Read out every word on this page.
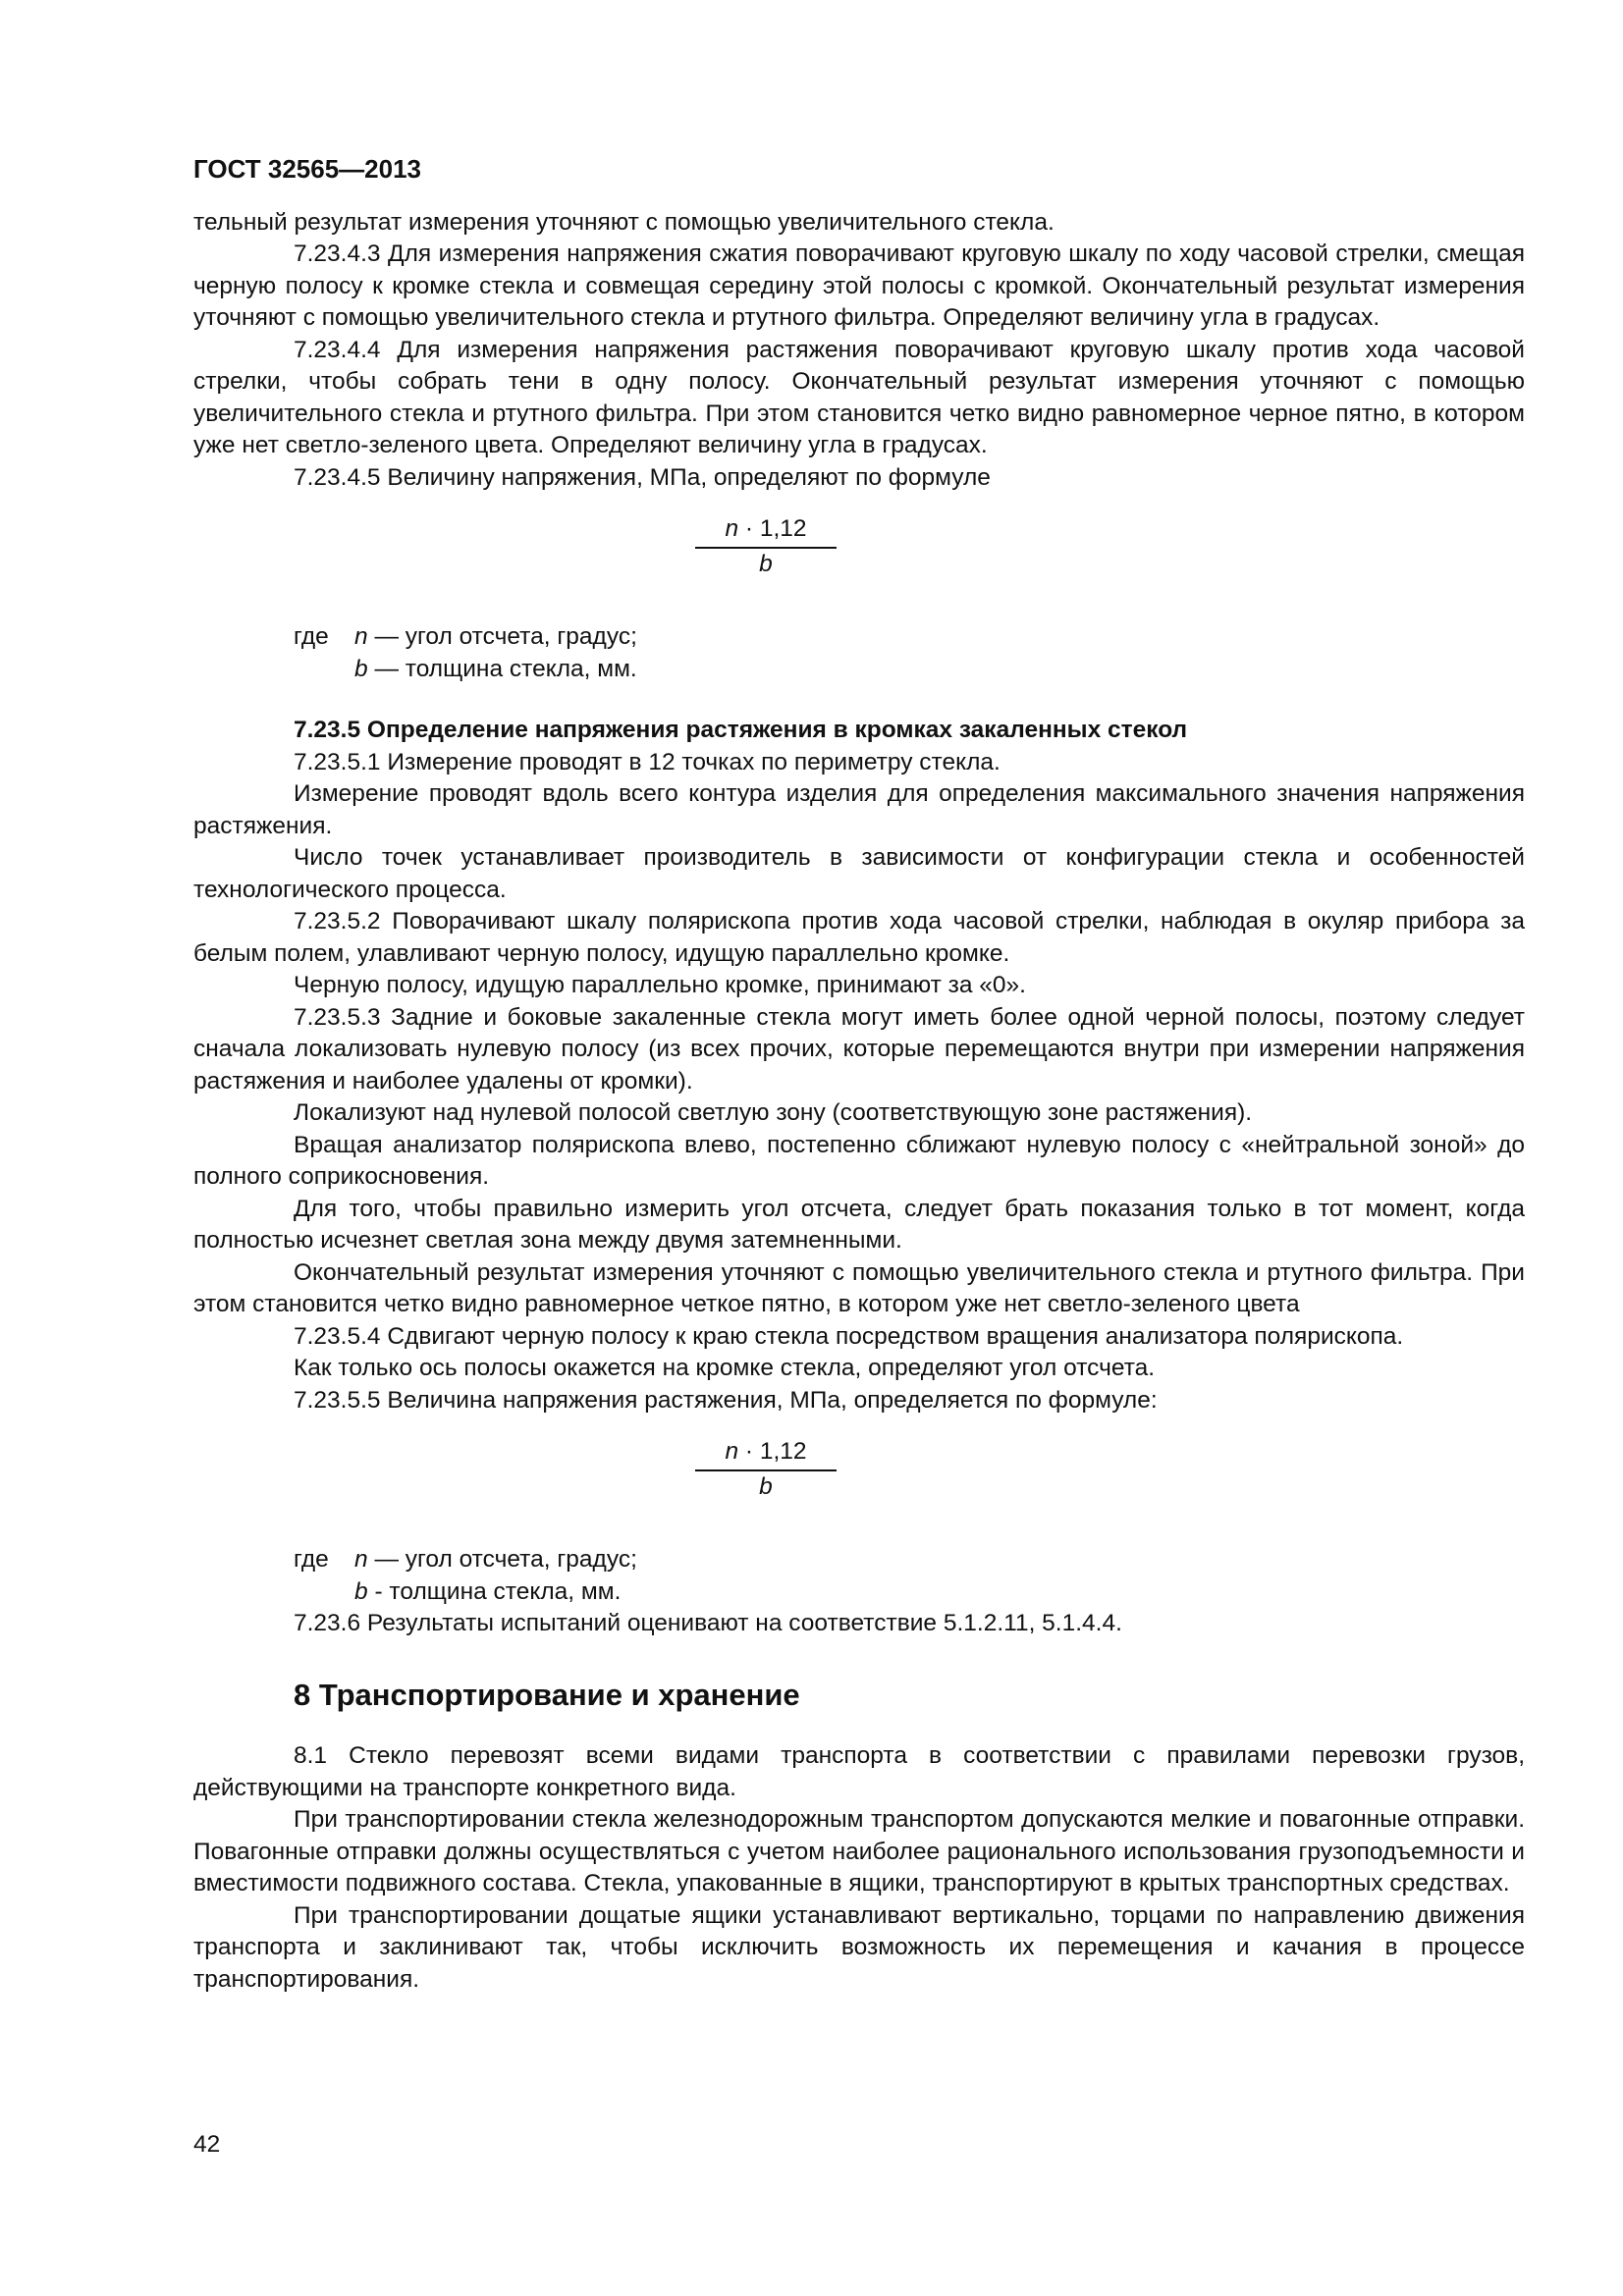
ГОСТ 32565—2013

тельный результат измерения уточняют с помощью увеличительного стекла.

7.23.4.3 Для измерения напряжения сжатия поворачивают круговую шкалу по ходу часовой стрелки, смещая черную полосу к кромке стекла и совмещая середину этой полосы с кромкой. Окончательный результат измерения уточняют с помощью увеличительного стекла и ртутного фильтра. Определяют величину угла в градусах.

7.23.4.4 Для измерения напряжения растяжения поворачивают круговую шкалу против хода часовой стрелки, чтобы собрать тени в одну полосу. Окончательный результат измерения уточняют с помощью увеличительного стекла и ртутного фильтра. При этом становится четко видно равномерное черное пятно, в котором уже нет светло-зеленого цвета. Определяют величину угла в градусах.

7.23.4.5 Величину напряжения, МПа, определяют по формуле

$\frac{n \cdot 1,12}{b}$
где	n — угол отсчета, градус;
b — толщина стекла, мм.

7.23.5 Определение напряжения растяжения в кромках закаленных стекол

7.23.5.1 Измерение проводят в 12 точках по периметру стекла.

Измерение проводят вдоль всего контура изделия для определения максимального значения напряжения растяжения.

Число точек устанавливает производитель в зависимости от конфигурации стекла и особенностей технологического процесса.

7.23.5.2 Поворачивают шкалу полярископа против хода часовой стрелки, наблюдая в окуляр прибора за белым полем, улавливают черную полосу, идущую параллельно кромке.

Черную полосу, идущую параллельно кромке, принимают за «0».

7.23.5.3 Задние и боковые закаленные стекла могут иметь более одной черной полосы, поэтому следует сначала локализовать нулевую полосу (из всех прочих, которые перемещаются внутри при измерении напряжения растяжения и наиболее удалены от кромки).

Локализуют над нулевой полосой светлую зону (соответствующую зоне растяжения).

Вращая анализатор полярископа влево, постепенно сближают нулевую полосу с «нейтральной зоной» до полного соприкосновения.

Для того, чтобы правильно измерить угол отсчета, следует брать показания только в тот момент, когда полностью исчезнет светлая зона между двумя затемненными.

Окончательный результат измерения уточняют с помощью увеличительного стекла и ртутного фильтра. При этом становится четко видно равномерное четкое пятно, в котором уже нет светло-зеленого цвета

7.23.5.4 Сдвигают черную полосу к краю стекла посредством вращения анализатора полярископа.

Как только ось полосы окажется на кромке стекла, определяют угол отсчета.

7.23.5.5 Величина напряжения растяжения, МПа, определяется по формуле:

$\frac{n \cdot 1,12}{b}$
где	n — угол отсчета, градус;
b - толщина стекла, мм.

7.23.6 Результаты испытаний оценивают на соответствие 5.1.2.11, 5.1.4.4.

8 Транспортирование и хранение

8.1 Стекло перевозят всеми видами транспорта в соответствии с правилами перевозки грузов, действующими на транспорте конкретного вида.

При транспортировании стекла железнодорожным транспортом допускаются мелкие и повагонные отправки. Повагонные отправки должны осуществляться с учетом наиболее рационального использования грузоподъемности и вместимости подвижного состава. Стекла, упакованные в ящики, транспортируют в крытых транспортных средствах.

При транспортировании дощатые ящики устанавливают вертикально, торцами по направлению движения транспорта и заклинивают так, чтобы исключить возможность их перемещения и качания в процессе транспортирования.

42
